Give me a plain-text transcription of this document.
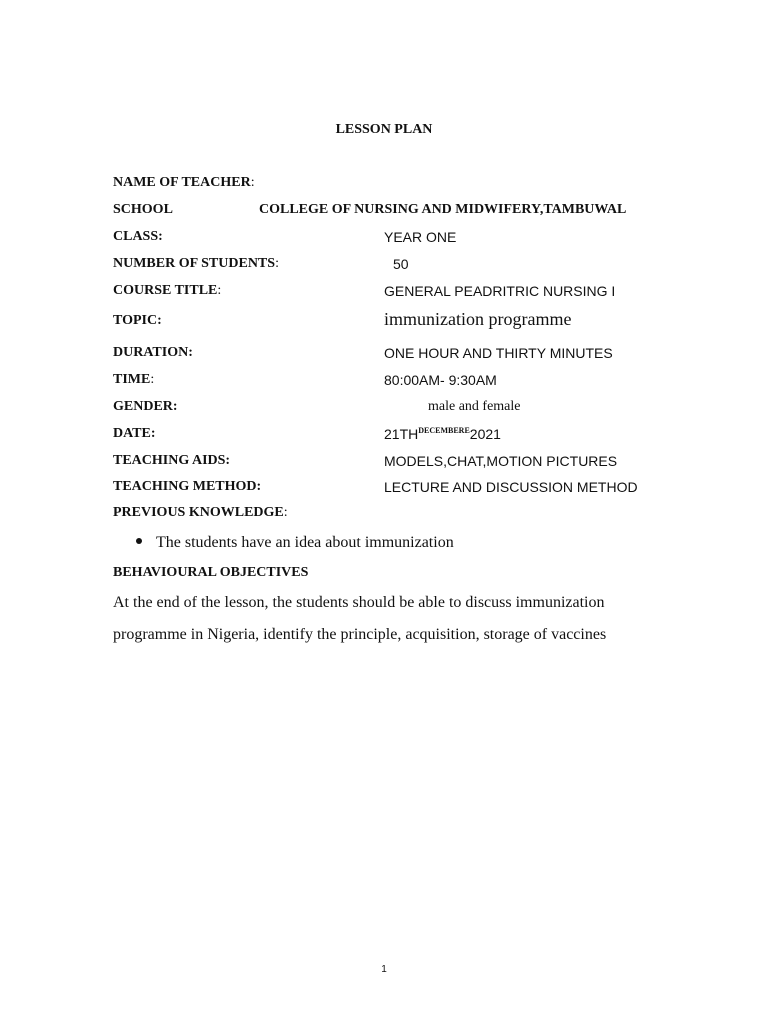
LESSON PLAN
NAME OF TEACHER:
SCHOOL	COLLEGE OF NURSING AND MIDWIFERY,TAMBUWAL
CLASS:	YEAR ONE
NUMBER OF STUDENTS:	50
COURSE TITLE:	GENERAL PEADRITRIC NURSING I
TOPIC:	immunization programme
DURATION:	ONE HOUR AND THIRTY MINUTES
TIME:	80:00AM- 9:30AM
GENDER:	male and female
DATE:	$21TH^{DECEMBERE}2021$
TEACHING AIDS:	MODELS,CHAT,MOTION PICTURES
TEACHING METHOD:	LECTURE AND DISCUSSION METHOD
PREVIOUS KNOWLEDGE:
The students have an idea about immunization
BEHAVIOURAL OBJECTIVES
At the end of the lesson, the students should be able to discuss immunization
programme in Nigeria, identify the principle, acquisition, storage of vaccines
1
